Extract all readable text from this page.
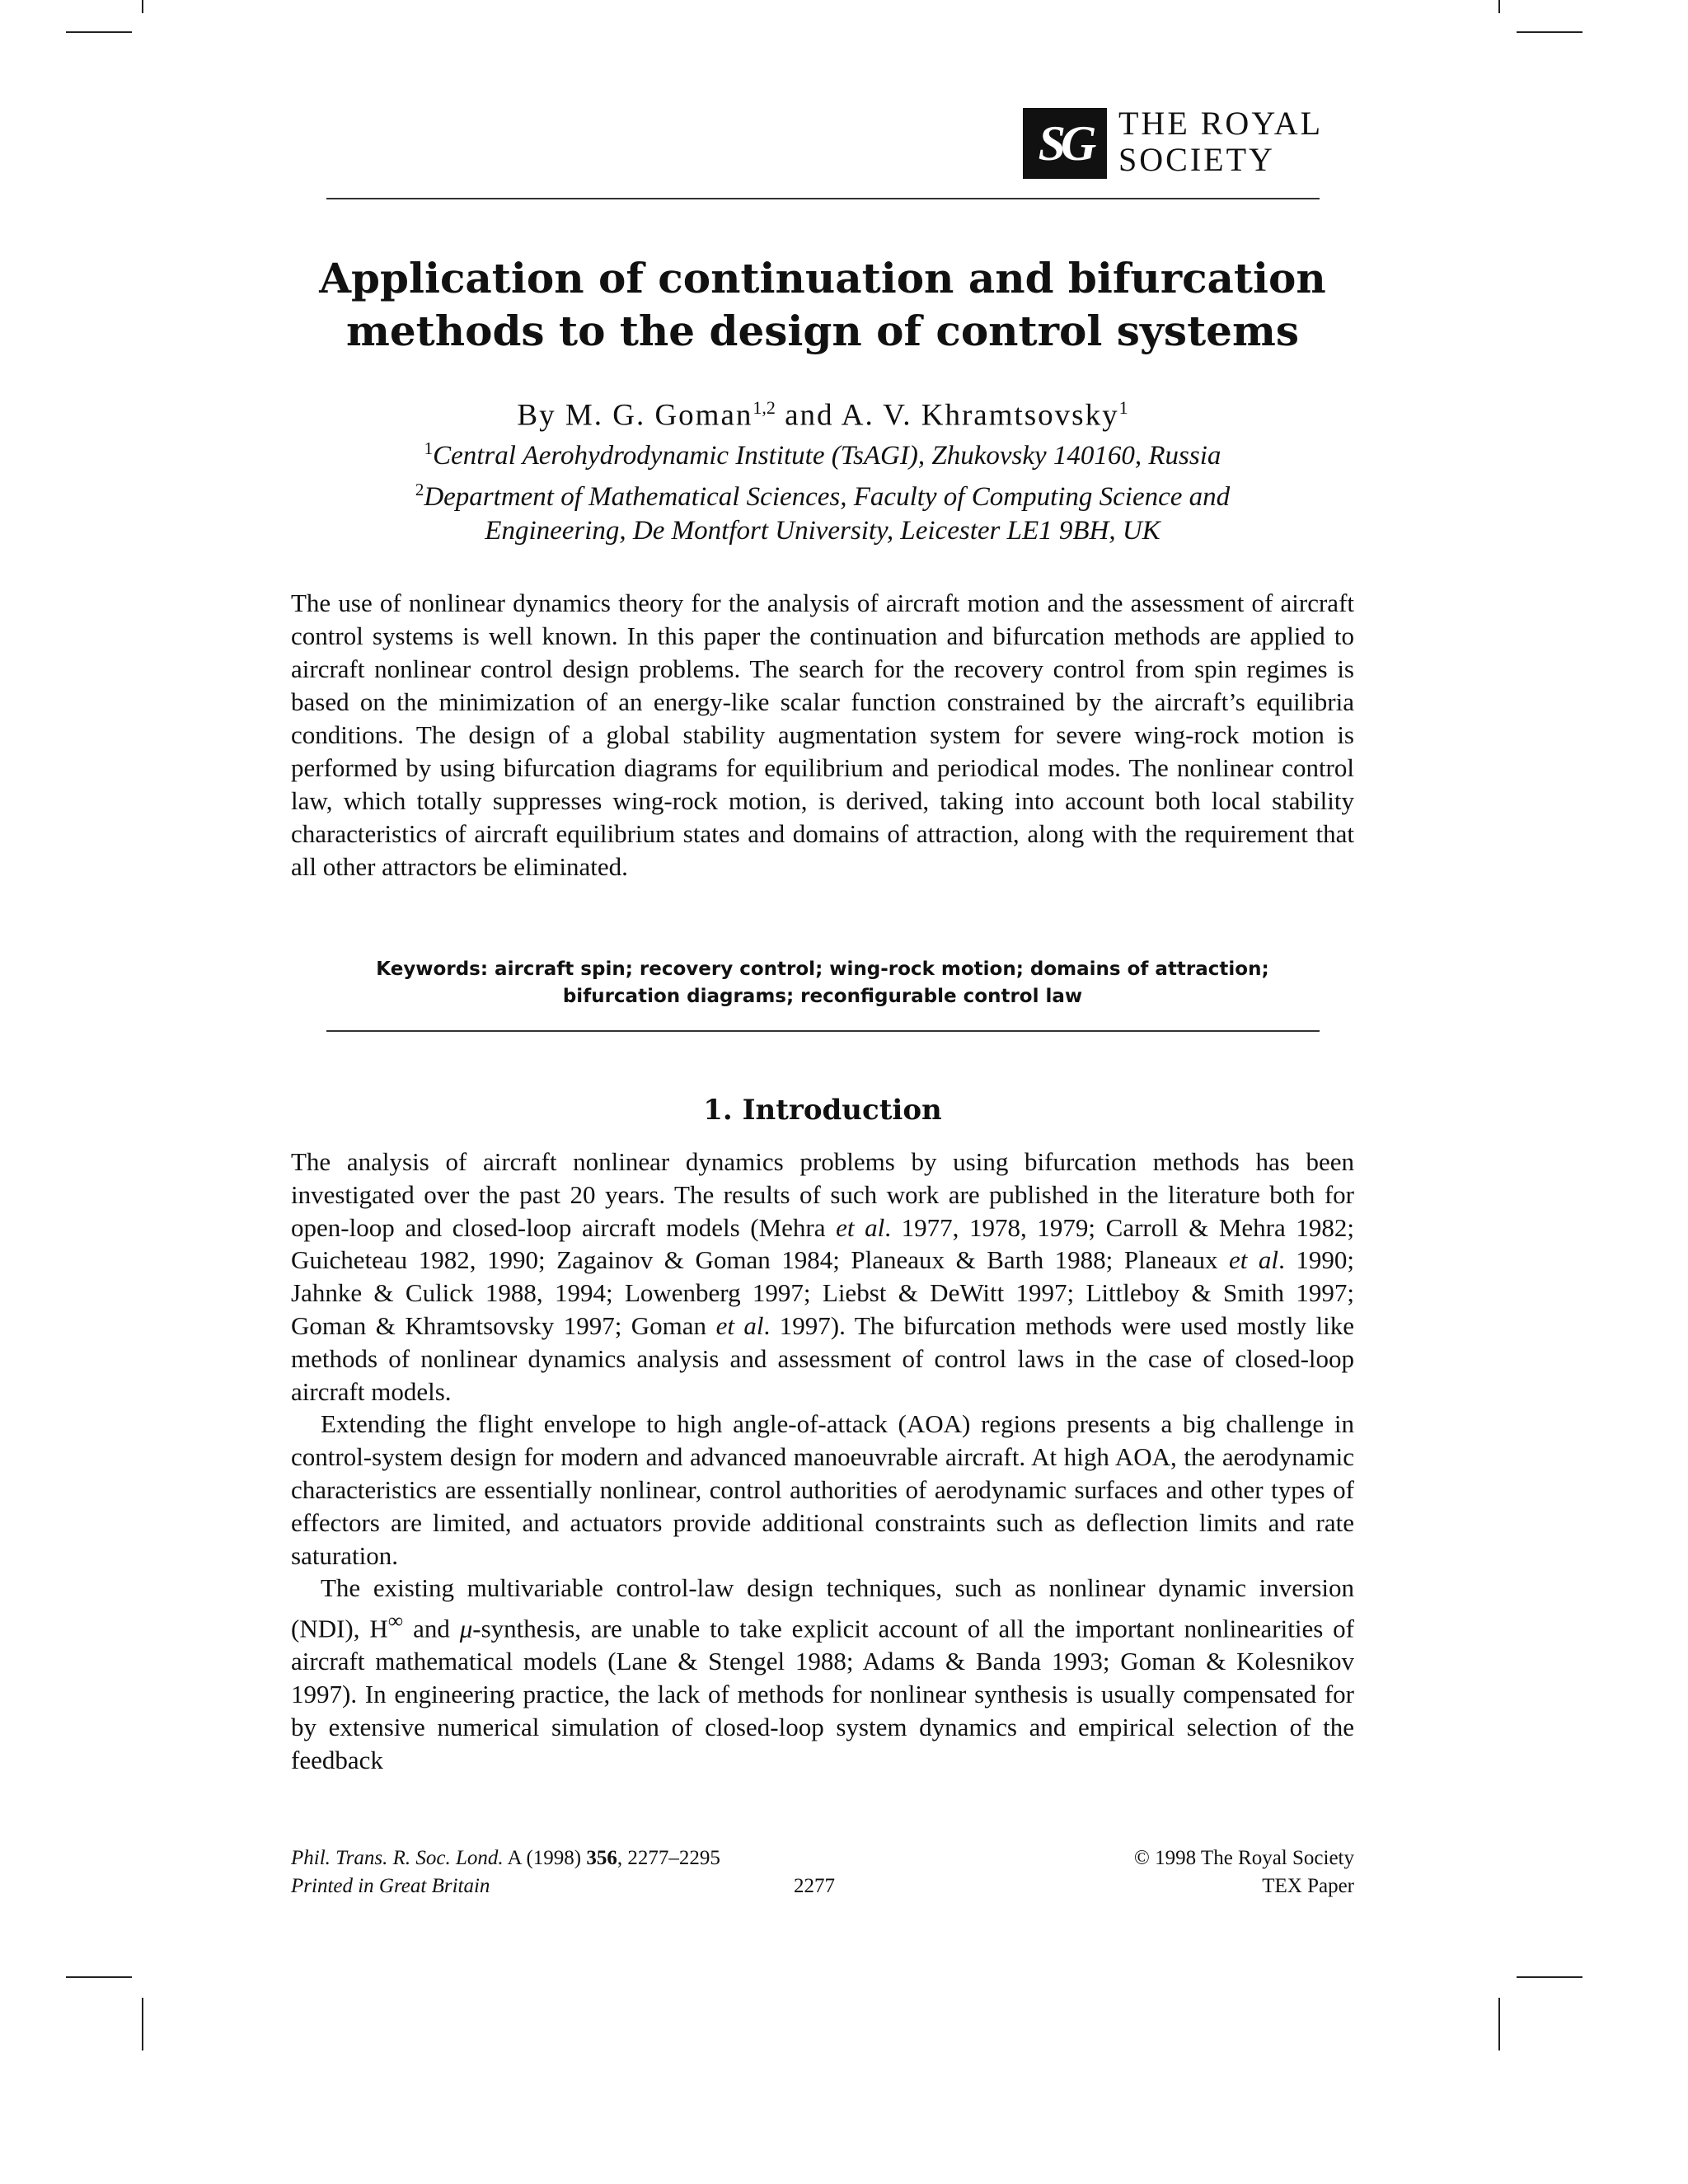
SG THE ROYAL
SOCIETY
Application of continuation and bifurcation
methods to the design of control systems
By M. G. Goman$^{1,2}$ and A. V. Khramtsovsky$^1$
$^1$Central Aerohydrodynamic Institute (TsAGI), Zhukovsky 140160, Russia
$^2$Department of Mathematical Sciences, Faculty of Computing Science and
Engineering, De Montfort University, Leicester LE1 9BH, UK
The use of nonlinear dynamics theory for the analysis of aircraft motion and the assessment of aircraft control systems is well known. In this paper the continuation and bifurcation methods are applied to aircraft nonlinear control design problems. The search for the recovery control from spin regimes is based on the minimization of an energy-like scalar function constrained by the aircraft’s equilibria conditions. The design of a global stability augmentation system for severe wing-rock motion is performed by using bifurcation diagrams for equilibrium and periodical modes. The nonlinear control law, which totally suppresses wing-rock motion, is derived, taking into account both local stability characteristics of aircraft equilibrium states and domains of attraction, along with the requirement that all other attractors be eliminated.
Keywords: aircraft spin; recovery control; wing-rock motion; domains of attraction;
bifurcation diagrams; reconfigurable control law
1. Introduction

The analysis of aircraft nonlinear dynamics problems by using bifurcation methods has been investigated over the past 20 years. The results of such work are published in the literature both for open-loop and closed-loop aircraft models (Mehra et al. 1977, 1978, 1979; Carroll & Mehra 1982; Guicheteau 1982, 1990; Zagainov & Goman 1984; Planeaux & Barth 1988; Planeaux et al. 1990; Jahnke & Culick 1988, 1994; Lowenberg 1997; Liebst & DeWitt 1997; Littleboy & Smith 1997; Goman & Khramtsovsky 1997; Goman et al. 1997). The bifurcation methods were used mostly like methods of nonlinear dynamics analysis and assessment of control laws in the case of closed-loop aircraft models.

Extending the flight envelope to high angle-of-attack (AOA) regions presents a big challenge in control-system design for modern and advanced manoeuvrable aircraft. At high AOA, the aerodynamic characteristics are essentially nonlinear, control authorities of aerodynamic surfaces and other types of effectors are limited, and actuators provide additional constraints such as deflection limits and rate saturation.

The existing multivariable control-law design techniques, such as nonlinear dynamic inversion (NDI), H∞ and μ-synthesis, are unable to take explicit account of all the important nonlinearities of aircraft mathematical models (Lane & Stengel 1988; Adams & Banda 1993; Goman & Kolesnikov 1997). In engineering practice, the lack of methods for nonlinear synthesis is usually compensated for by extensive numerical simulation of closed-loop system dynamics and empirical selection of the feedback

Phil. Trans. R. Soc. Lond. A (1998) 356, 2277–2295	© 1998 The Royal Society
Printed in Great Britain	2277	TEX Paper
